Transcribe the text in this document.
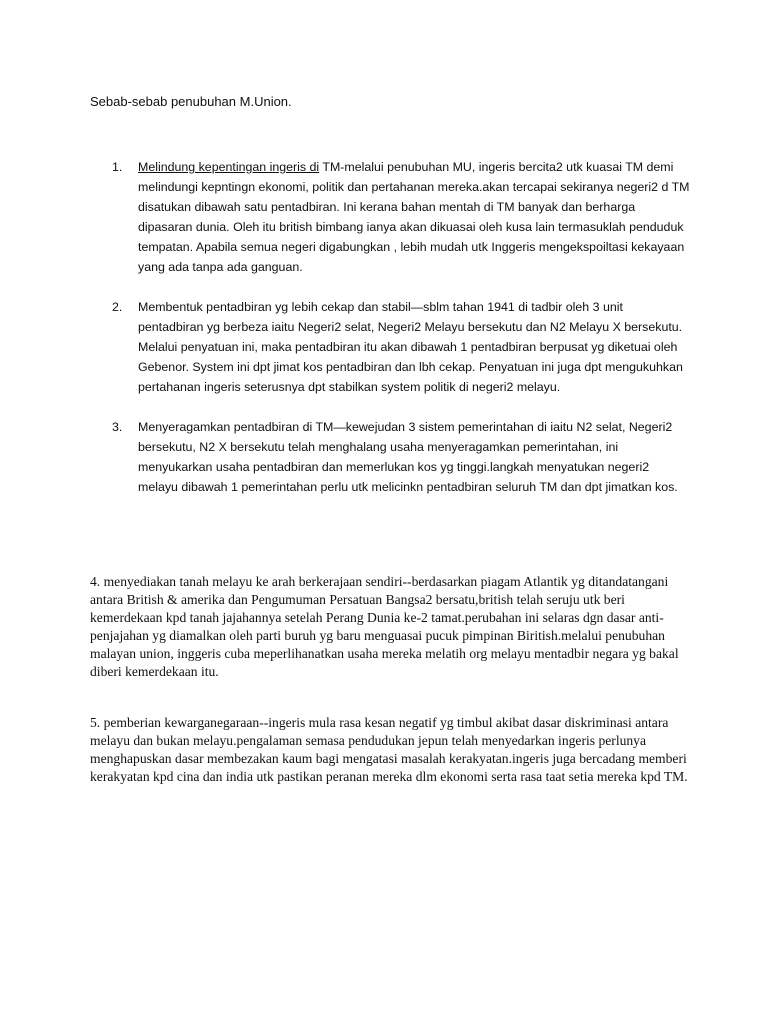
Sebab-sebab penubuhan M.Union.

1. Melindung kepentingan ingeris di TM-melalui penubuhan MU, ingeris bercita2 utk kuasai TM demi melindungi kepntingn ekonomi, politik dan pertahanan mereka.akan tercapai sekiranya negeri2 d TM disatukan dibawah satu pentadbiran. Ini kerana bahan mentah di TM banyak dan berharga dipasaran dunia. Oleh itu british bimbang ianya akan dikuasai oleh kusa lain termasuklah penduduk tempatan. Apabila semua negeri digabungkan , lebih mudah utk Inggeris mengekspoiltasi kekayaan yang ada tanpa ada ganguan.
2. Membentuk pentadbiran yg lebih cekap dan stabil—sblm tahan 1941 di tadbir oleh 3 unit pentadbiran yg berbeza iaitu Negeri2 selat, Negeri2 Melayu bersekutu dan N2 Melayu X bersekutu. Melalui penyatuan ini, maka pentadbiran itu akan dibawah 1 pentadbiran berpusat yg diketuai oleh Gebenor. System ini dpt jimat kos pentadbiran dan lbh cekap. Penyatuan ini juga dpt mengukuhkan pertahanan ingeris seterusnya dpt stabilkan system politik di negeri2 melayu.
3. Menyeragamkan pentadbiran di TM—kewejudan 3 sistem pemerintahan di iaitu N2 selat, Negeri2 bersekutu, N2 X bersekutu telah menghalang usaha menyeragamkan pemerintahan, ini menyukarkan usaha pentadbiran dan memerlukan kos yg tinggi.langkah menyatukan negeri2 melayu dibawah 1 pemerintahan perlu utk melicinkn pentadbiran seluruh TM dan dpt jimatkan kos.

4. menyediakan tanah melayu ke arah berkerajaan sendiri--berdasarkan piagam Atlantik yg ditandatangani antara British & amerika dan Pengumuman Persatuan Bangsa2 bersatu,british telah seruju utk beri kemerdekaan kpd tanah jajahannya setelah Perang Dunia ke-2 tamat.perubahan ini selaras dgn dasar anti-penjajahan yg diamalkan oleh parti buruh yg baru menguasai pucuk pimpinan Biritish.melalui penubuhan malayan union, inggeris cuba meperlihanatkan usaha mereka melatih org melayu mentadbir negara yg bakal diberi kemerdekaan itu.

5. pemberian kewarganegaraan--ingeris mula rasa kesan negatif yg timbul akibat dasar diskriminasi antara melayu dan bukan melayu.pengalaman semasa pendudukan jepun telah menyedarkan ingeris perlunya menghapuskan dasar membezakan kaum bagi mengatasi masalah kerakyatan.ingeris juga bercadang memberi kerakyatan kpd cina dan india utk pastikan peranan mereka dlm ekonomi serta rasa taat setia mereka kpd TM.
